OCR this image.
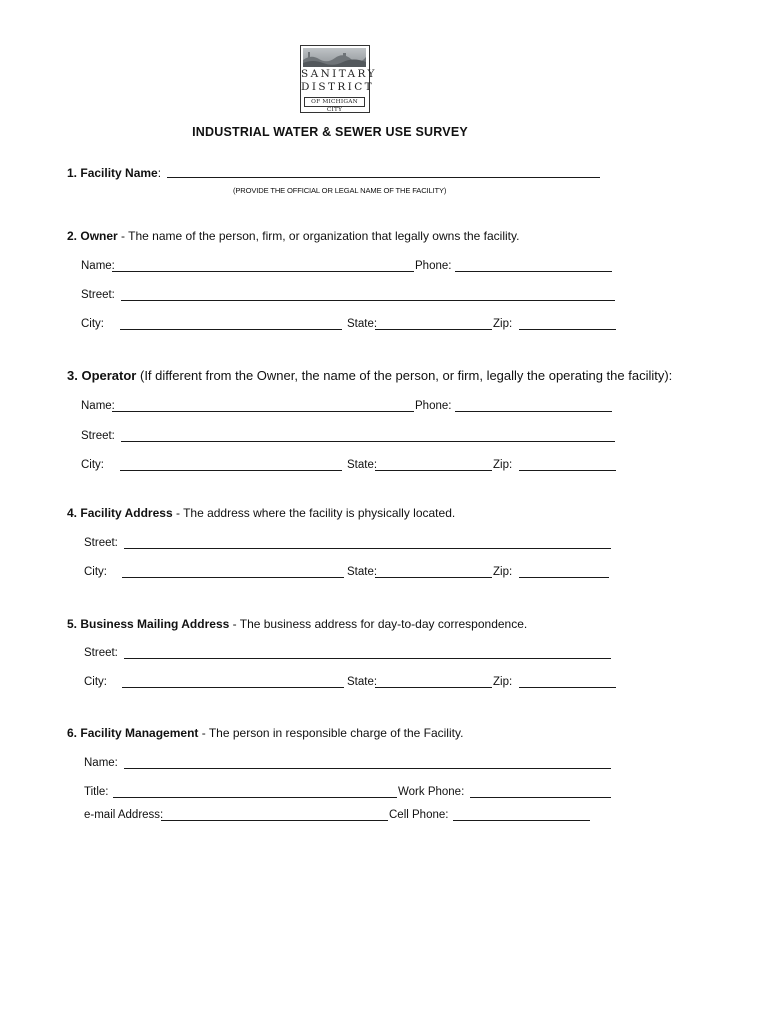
SANITARY
DISTRICT
OF MICHIGAN CITY
INDUSTRIAL WATER & SEWER USE SURVEY
1. Facility Name:
(PROVIDE THE OFFICIAL OR LEGAL NAME OF THE FACILITY)
2. Owner - The name of the person, firm, or organization that legally owns the facility.
Name:	Phone:
Street:
City:	State:	Zip:
3. Operator (If different from the Owner, the name of the person, or firm, legally the operating the facility):
Name:	Phone:
Street:
City:	State:	Zip:
4. Facility Address - The address where the facility is physically located.
Street:
City:	State:	Zip:
5. Business Mailing Address - The business address for day-to-day correspondence.
Street:
City:	State:	Zip:
6. Facility Management - The person in responsible charge of the Facility.
Name:
Title:	Work Phone:
e-mail Address:	Cell Phone:
